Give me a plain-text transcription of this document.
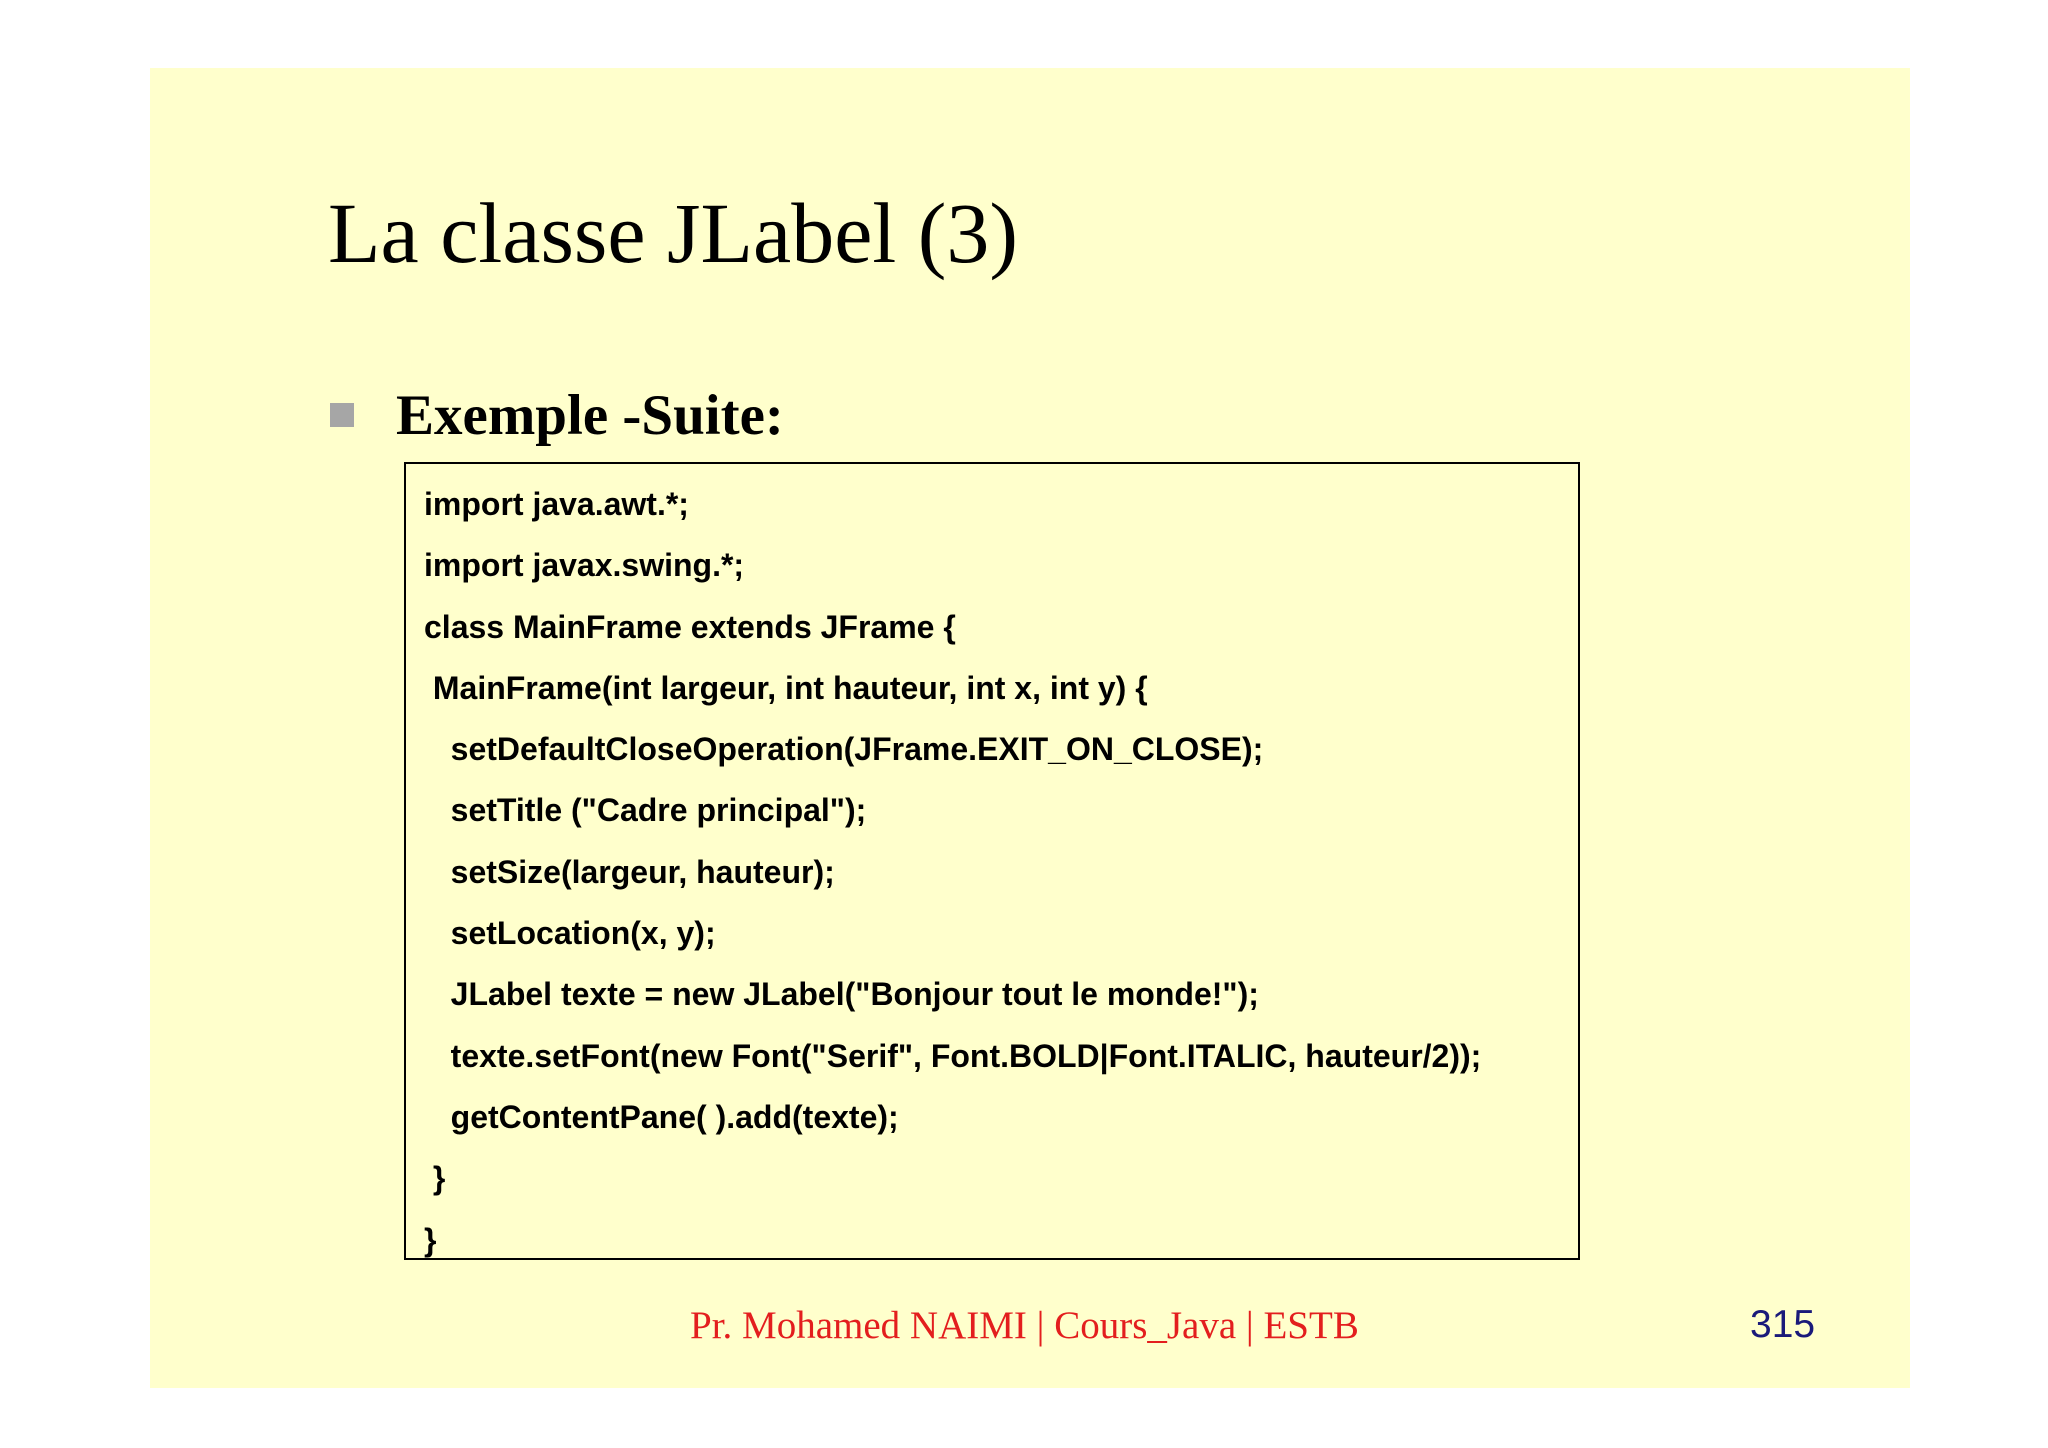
La classe JLabel (3)
Exemple -Suite:
import java.awt.*;
import javax.swing.*;
class MainFrame extends JFrame {
MainFrame(int largeur, int hauteur, int x, int y) {
setDefaultCloseOperation(JFrame.EXIT_ON_CLOSE);
setTitle ("Cadre principal");
setSize(largeur, hauteur);
setLocation(x, y);
JLabel texte = new JLabel("Bonjour tout le monde!");
texte.setFont(new Font("Serif", Font.BOLD|Font.ITALIC, hauteur/2));
getContentPane( ).add(texte);
}
}
Pr. Mohamed NAIMI | Cours_Java | ESTB	315
